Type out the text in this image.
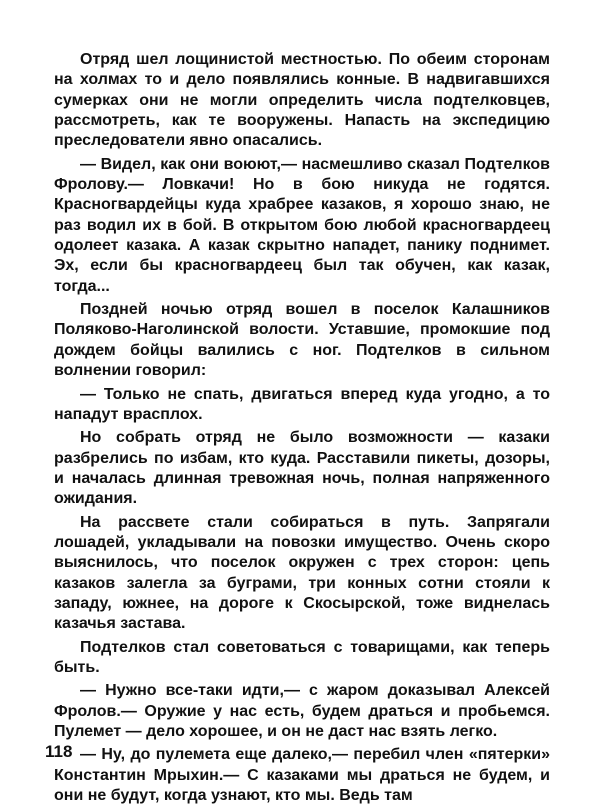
Отряд шел лощинистой местностью. По обеим сторонам на холмах то и дело появлялись конные. В надвигавшихся сумерках они не могли определить числа подтелковцев, рассмотреть, как те вооружены. Напасть на экспедицию преследователи явно опасались.

— Видел, как они воюют,— насмешливо сказал Подтелков Фролову.— Ловкачи! Но в бою никуда не годятся. Красногвардейцы куда храбрее казаков, я хорошо знаю, не раз водил их в бой. В открытом бою любой красногвардеец одолеет казака. А казак скрытно нападет, панику поднимет. Эх, если бы красногвардеец был так обучен, как казак, тогда...

Поздней ночью отряд вошел в поселок Калашников Поляково-Наголинской волости. Уставшие, промокшие под дождем бойцы валились с ног. Подтелков в сильном волнении говорил:

— Только не спать, двигаться вперед куда угодно, а то нападут врасплох.

Но собрать отряд не было возможности — казаки разбрелись по избам, кто куда. Расставили пикеты, дозоры, и началась длинная тревожная ночь, полная напряженного ожидания.

На рассвете стали собираться в путь. Запрягали лошадей, укладывали на повозки имущество. Очень скоро выяснилось, что поселок окружен с трех сторон: цепь казаков залегла за буграми, три конных сотни стояли к западу, южнее, на дороге к Скосырской, тоже виднелась казачья застава.

Подтелков стал советоваться с товарищами, как теперь быть.

— Нужно все-таки идти,— с жаром доказывал Алексей Фролов.— Оружие у нас есть, будем драться и пробьемся. Пулемет — дело хорошее, и он не даст нас взять легко.

— Ну, до пулемета еще далеко,— перебил член «пятерки» Константин Мрыхин.— С казаками мы драться не будем, и они не будут, когда узнают, кто мы. Ведь там

118
